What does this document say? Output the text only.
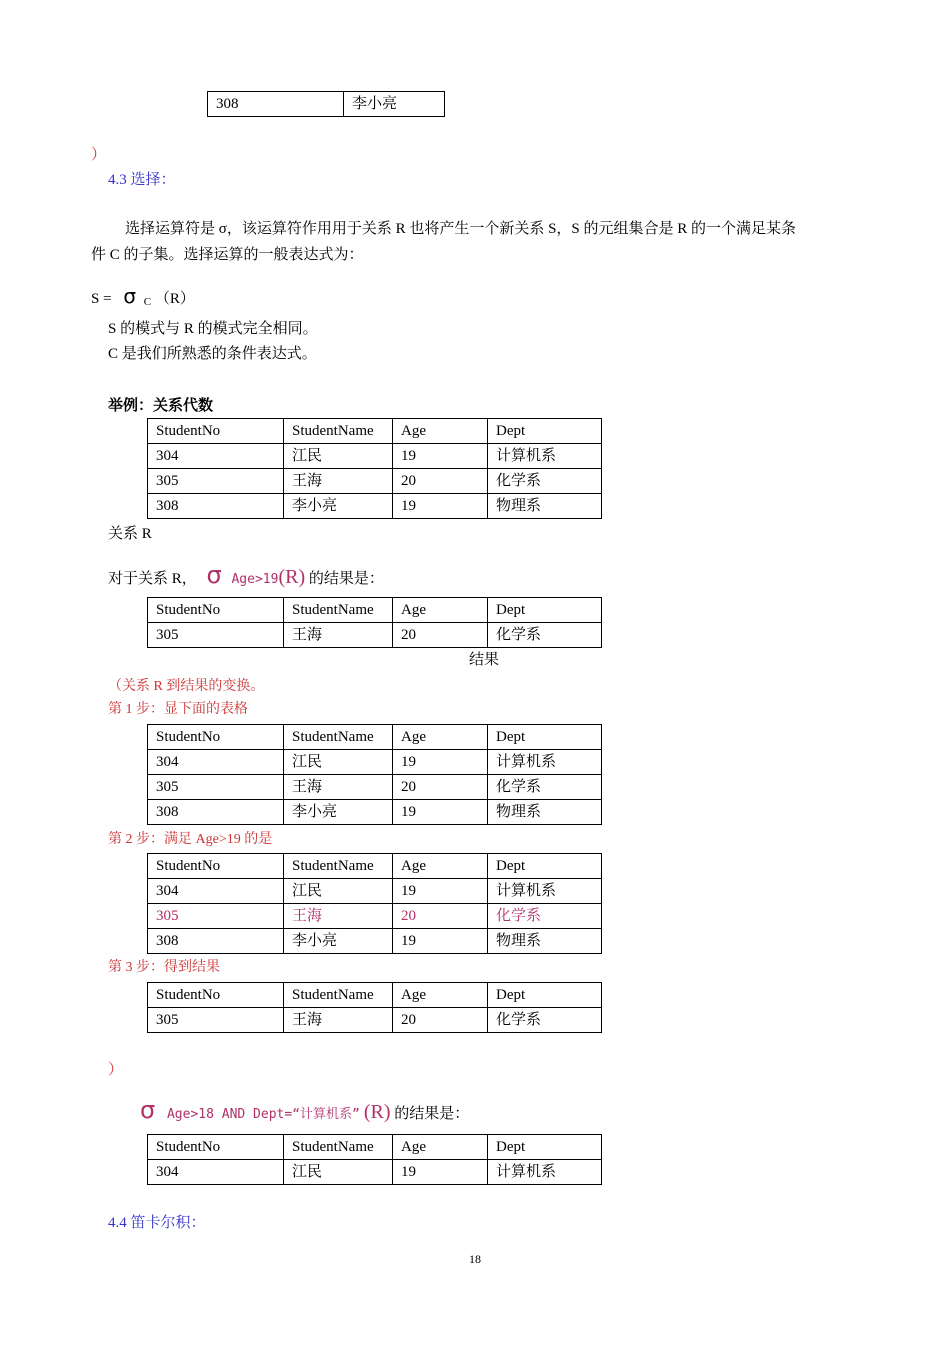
308	李小亮
）
4.3 选择：
选择运算符是 σ，该运算符作用用于关系 R 也将产生一个新关系 S，S 的元组集合是 R 的一个满足某条
件 C 的子集。选择运算的一般表达式为：
S = σ C （R）
S 的模式与 R 的模式完全相同。
C 是我们所熟悉的条件表达式。
举例：关系代数
StudentNo	StudentName	Age	Dept
304	江民	19	计算机系
305	王海	20	化学系
308	李小亮	19	物理系
关系 R
对于关系 R， σ Age>19(R) 的结果是：
StudentNo	StudentName	Age	Dept
305	王海	20	化学系
结果
（关系 R 到结果的变换。
第 1 步：显下面的表格
StudentNo	StudentName	Age	Dept
304	江民	19	计算机系
305	王海	20	化学系
308	李小亮	19	物理系
第 2 步：满足 Age>19 的是
StudentNo	StudentName	Age	Dept
304	江民	19	计算机系
305	王海	20	化学系
308	李小亮	19	物理系
第 3 步：得到结果
StudentNo	StudentName	Age	Dept
305	王海	20	化学系
）
σ Age>18 AND Dept=“计算机系” (R) 的结果是：
StudentNo	StudentName	Age	Dept
304	江民	19	计算机系
4.4 笛卡尔积：
18
